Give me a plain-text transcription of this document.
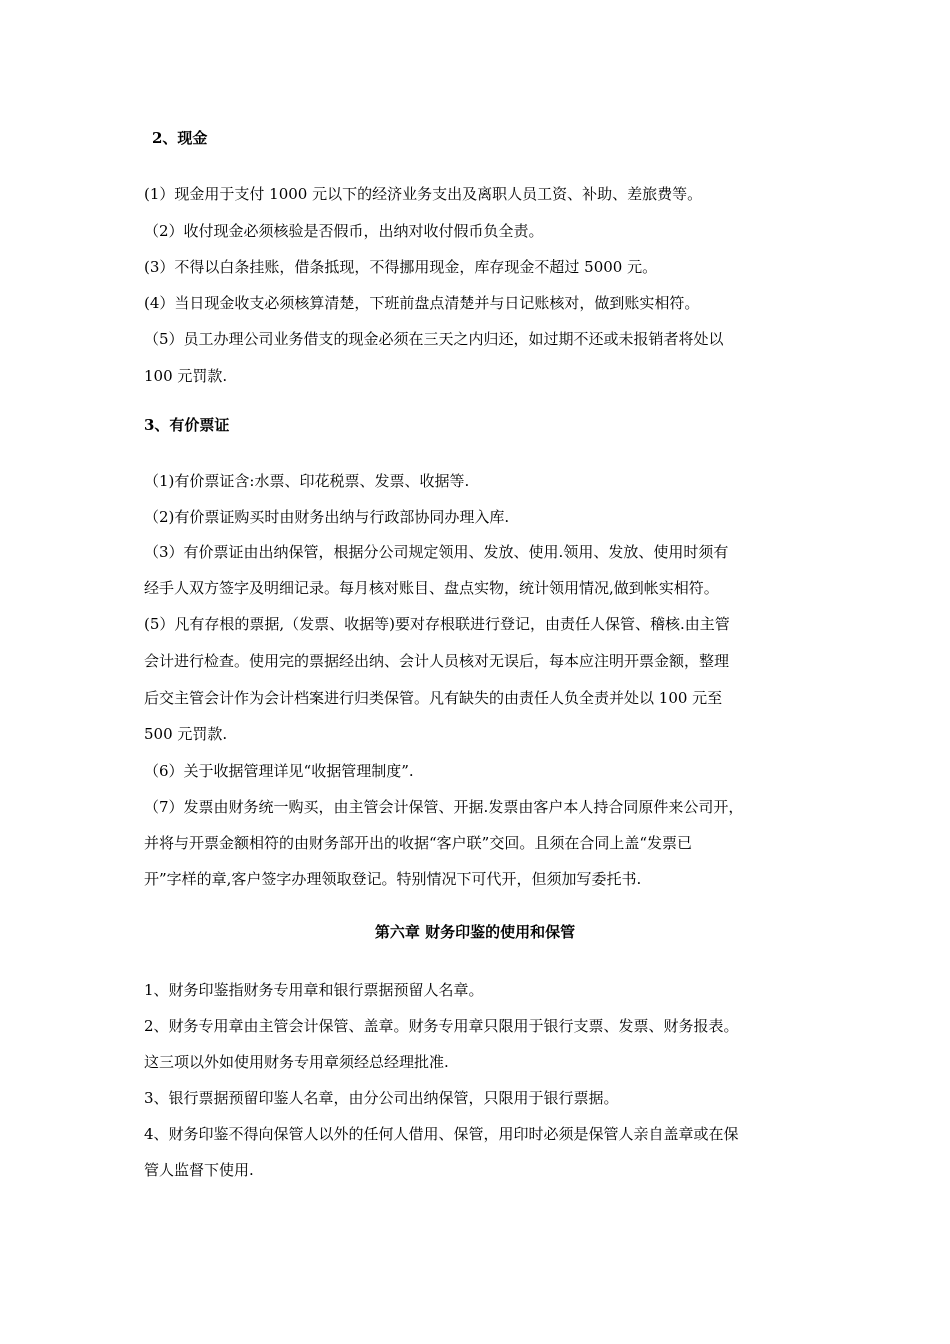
2、现金
(1）现金用于支付 1000 元以下的经济业务支出及离职人员工资、补助、差旅费等。
（2）收付现金必须核验是否假币，出纳对收付假币负全责。
(3）不得以白条挂账，借条抵现，不得挪用现金，库存现金不超过 5000 元。
(4）当日现金收支必须核算清楚，下班前盘点清楚并与日记账核对，做到账实相符。
（5）员工办理公司业务借支的现金必须在三天之内归还，如过期不还或未报销者将处以
100 元罚款.
3、有价票证
（1)有价票证含:水票、印花税票、发票、收据等.
（2)有价票证购买时由财务出纳与行政部协同办理入库.
（3）有价票证由出纳保管，根据分公司规定领用、发放、使用.领用、发放、使用时须有
经手人双方签字及明细记录。每月核对账目、盘点实物，统计领用情况,做到帐实相符。
(5）凡有存根的票据,（发票、收据等)要对存根联进行登记，由责任人保管、稽核.由主管
会计进行检查。使用完的票据经出纳、会计人员核对无误后，每本应注明开票金额，整理
后交主管会计作为会计档案进行归类保管。凡有缺失的由责任人负全责并处以 100 元至
500 元罚款.
（6）关于收据管理详见“收据管理制度”.
（7）发票由财务统一购买，由主管会计保管、开据.发票由客户本人持合同原件来公司开，
并将与开票金额相符的由财务部开出的收据“客户联”交回。且须在合同上盖“发票已
开”字样的章,客户签字办理领取登记。特别情况下可代开，但须加写委托书.
第六章 财务印鉴的使用和保管
1、财务印鉴指财务专用章和银行票据预留人名章。
2、财务专用章由主管会计保管、盖章。财务专用章只限用于银行支票、发票、财务报表。
这三项以外如使用财务专用章须经总经理批准.
3、银行票据预留印鉴人名章，由分公司出纳保管，只限用于银行票据。
4、财务印鉴不得向保管人以外的任何人借用、保管，用印时必须是保管人亲自盖章或在保
管人监督下使用.
